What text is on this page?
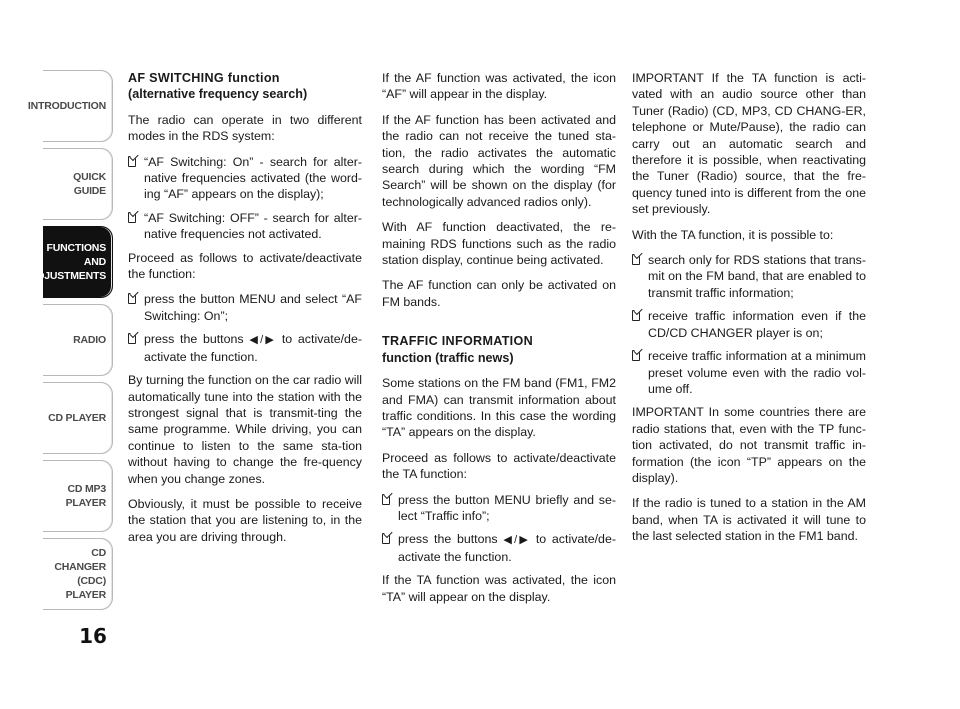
INTRODUCTION
QUICK
GUIDE
FUNCTIONS
AND
ADJUSTMENTS
RADIO
CD PLAYER
CD MP3
PLAYER
CD CHANGER
(CDC) PLAYER
16
AF SWITCHING function
(alternative frequency search)

The radio can operate in two different modes in the RDS system:

“AF Switching: On” - search for alter-native frequencies activated (the word-ing “AF” appears on the display);
“AF Switching: OFF” - search for alter-native frequencies not activated.

Proceed as follows to activate/deactivate the function:

press the button MENU and select “AF Switching: On”;
press the buttons ◀/▶ to activate/de-activate the function.

By turning the function on the car radio will automatically tune into the station with the strongest signal that is transmit-ting the same programme. While driving, you can continue to listen to the same sta-tion without having to change the fre-quency when you change zones.

Obviously, it must be possible to receive the station that you are listening to, in the area you are driving through.

If the AF function was activated, the icon “AF” will appear in the display.

If the AF function has been activated and the radio can not receive the tuned sta-tion, the radio activates the automatic search during which the wording “FM Search” will be shown on the display (for technologically advanced radios only).

With AF function deactivated, the re-maining RDS functions such as the radio station display, continue being activated.

The AF function can only be activated on FM bands.

TRAFFIC INFORMATION
function (traffic news)

Some stations on the FM band (FM1, FM2 and FMA) can transmit information about traffic conditions. In this case the wording “TA” appears on the display.

Proceed as follows to activate/deactivate the TA function:

press the button MENU briefly and se-lect “Traffic info”;
press the buttons ◀/▶ to activate/de-activate the function.

If the TA function was activated, the icon “TA” will appear on the display.

IMPORTANT If the TA function is acti-vated with an audio source other than Tuner (Radio) (CD, MP3, CD CHANG-ER, telephone or Mute/Pause), the radio can carry out an automatic search and therefore it is possible, when reactivating the Tuner (Radio) source, that the fre-quency tuned into is different from the one set previously.

With the TA function, it is possible to:

search only for RDS stations that trans-mit on the FM band, that are enabled to transmit traffic information;
receive traffic information even if the CD/CD CHANGER player is on;
receive traffic information at a minimum preset volume even with the radio vol-ume off.

IMPORTANT In some countries there are radio stations that, even with the TP func-tion activated, do not transmit traffic in-formation (the icon “TP” appears on the display).

If the radio is tuned to a station in the AM band, when TA is activated it will tune to the last selected station in the FM1 band.
